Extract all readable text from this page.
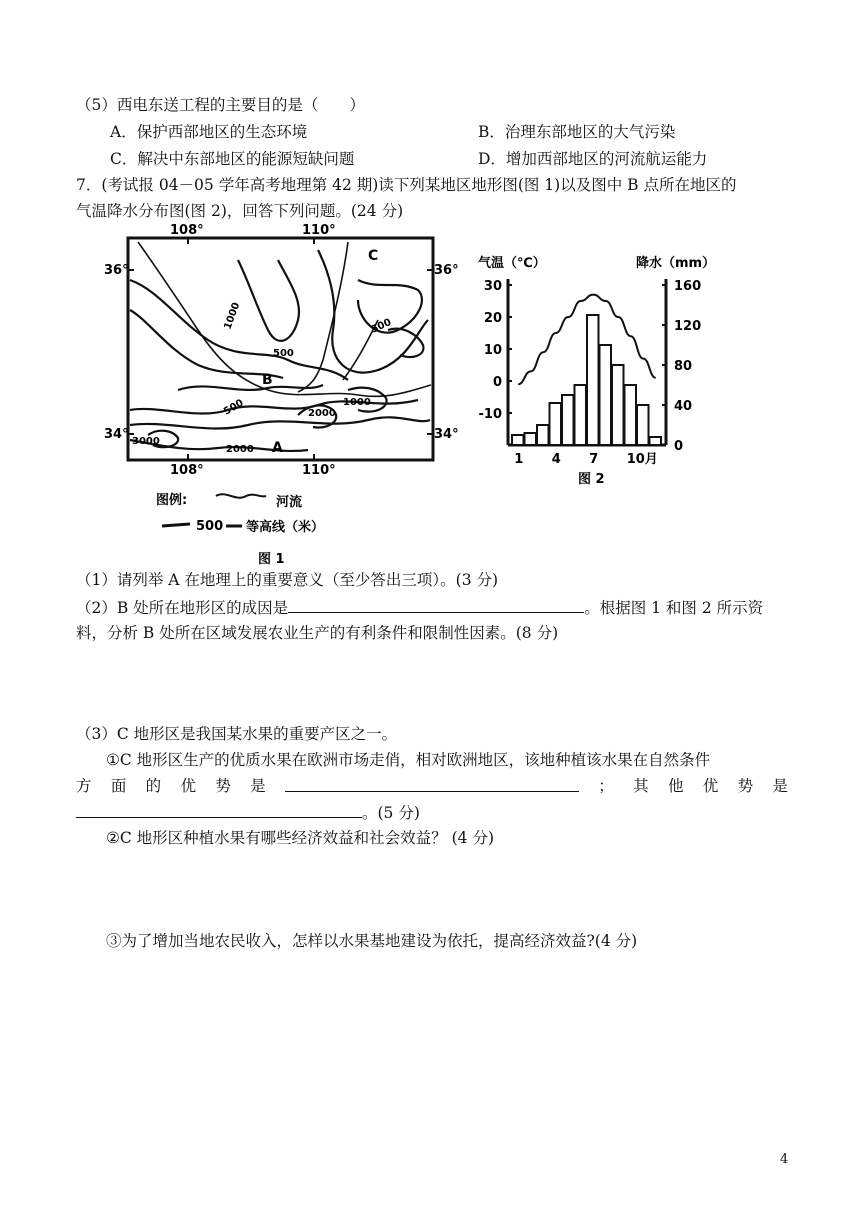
（5）西电东送工程的主要目的是（　　）
A．保护西部地区的生态环境	B．治理东部地区的大气污染
C．解决中东部地区的能源短缺问题	D．增加西部地区的河流航运能力
7．(考试报 04－05 学年高考地理第 42 期)读下列某地区地形图(图 1)以及图中 B 点所在地区的
气温降水分布图(图 2)，回答下列问题。(24 分)
108°	110°
108°	110°
36°
34°
36°
34°
1000	500
500
500	2000
1000
3000
2000 A
B
C
图例:	河流
500 等高线（米）
图 1
气温（℃）	降水（mm）
30
20
10
0
-10
160
120
80
40
0
1 4 7 10月
图 2
（1）请列举 A 在地理上的重要意义（至少答出三项）。(3 分)
（2）B 处所在地形区的成因是	。根据图 1 和图 2 所示资
料，分析 B 处所在区域发展农业生产的有利条件和限制性因素。(8 分)
（3）C 地形区是我国某水果的重要产区之一。
①C 地形区生产的优质水果在欧洲市场走俏，相对欧洲地区，该地种植该水果在自然条件
方 面 的 优 势 是	； 其 他 优 势 是
。(5 分)
②C 地形区种植水果有哪些经济效益和社会效益？ (4 分)
③为了增加当地农民收入，怎样以水果基地建设为依托，提高经济效益?(4 分)
4
